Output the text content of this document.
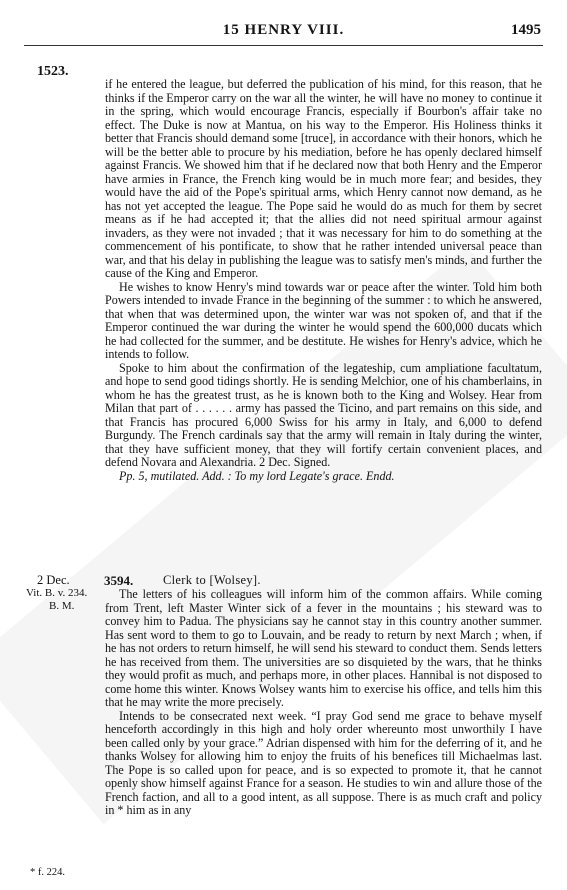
15 HENRY VIII.	1495
1523.

if he entered the league, but deferred the publication of his mind, for this reason, that he thinks if the Emperor carry on the war all the winter, he will have no money to continue it in the spring, which would encourage Francis, especially if Bourbon's affair take no effect. The Duke is now at Mantua, on his way to the Emperor. His Holiness thinks it better that Francis should demand some [truce], in accordance with their honors, which he will be the better able to procure by his mediation, before he has openly declared himself against Francis. We showed him that if he declared now that both Henry and the Emperor have armies in France, the French king would be in much more fear; and besides, they would have the aid of the Pope's spiritual arms, which Henry cannot now demand, as he has not yet accepted the league. The Pope said he would do as much for them by secret means as if he had accepted it; that the allies did not need spiritual armour against invaders, as they were not invaded ; that it was necessary for him to do something at the commencement of his pontificate, to show that he rather intended universal peace than war, and that his delay in publishing the league was to satisfy men's minds, and further the cause of the King and Emperor.

He wishes to know Henry's mind towards war or peace after the winter. Told him both Powers intended to invade France in the beginning of the summer : to which he answered, that when that was determined upon, the winter war was not spoken of, and that if the Emperor continued the war during the winter he would spend the 600,000 ducats which he had collected for the summer, and be destitute. He wishes for Henry's advice, which he intends to follow.

Spoke to him about the confirmation of the legateship, cum ampliatione facultatum, and hope to send good tidings shortly. He is sending Melchior, one of his chamberlains, in whom he has the greatest trust, as he is known both to the King and Wolsey. Hear from Milan that part of . . . . . . army has passed the Ticino, and part remains on this side, and that Francis has procured 6,000 Swiss for his army in Italy, and 6,000 to defend Burgundy. The French cardinals say that the army will remain in Italy during the winter, that they have sufficient money, that they will fortify certain convenient places, and defend Novara and Alexandria. 2 Dec. Signed.

Pp. 5, mutilated. Add. : To my lord Legate's grace. Endd.

2 Dec.
Vit. B. v. 234.
B. M.
3594. Clerk to [Wolsey].

The letters of his colleagues will inform him of the common affairs. While coming from Trent, left Master Winter sick of a fever in the mountains ; his steward was to convey him to Padua. The physicians say he cannot stay in this country another summer. Has sent word to them to go to Louvain, and be ready to return by next March ; when, if he has not orders to return himself, he will send his steward to conduct them. Sends letters he has received from them. The universities are so disquieted by the wars, that he thinks they would profit as much, and perhaps more, in other places. Hannibal is not disposed to come home this winter. Knows Wolsey wants him to exercise his office, and tells him this that he may write the more precisely.

Intends to be consecrated next week. “I pray God send me grace to behave myself henceforth accordingly in this high and holy order whereunto most unworthily I have been called only by your grace.” Adrian dispensed with him for the deferring of it, and he thanks Wolsey for allowing him to enjoy the fruits of his benefices till Michaelmas last. The Pope is so called upon for peace, and is so expected to promote it, that he cannot openly show himself against France for a season. He studies to win and allure those of the French faction, and all to a good intent, as all suppose. There is as much craft and policy in * him as in any

* f. 224.
